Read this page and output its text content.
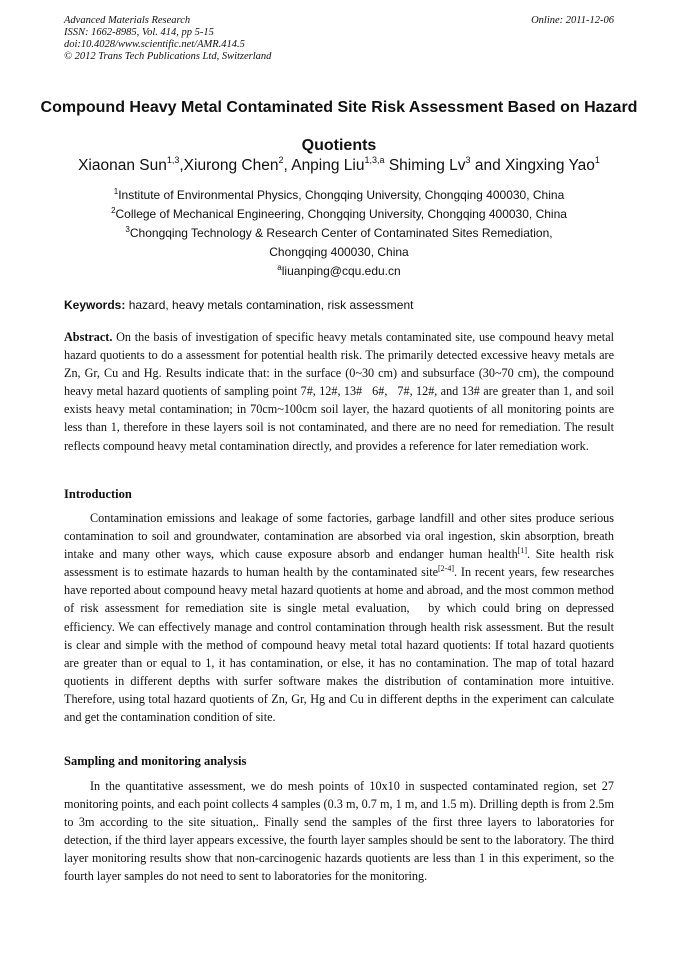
Advanced Materials Research
ISSN: 1662-8985, Vol. 414, pp 5-15
doi:10.4028/www.scientific.net/AMR.414.5
© 2012 Trans Tech Publications Ltd, Switzerland
Online: 2011-12-06
Compound Heavy Metal Contaminated Site Risk Assessment Based on Hazard Quotients
Xiaonan Sun$^{1,3}$,Xiurong Chen$^2$, Anping Liu$^{1,3,a}$ Shiming Lv$^3$ and Xingxing Yao$^1$
$^1$Institute of Environmental Physics, Chongqing University, Chongqing 400030, China
$^2$College of Mechanical Engineering, Chongqing University, Chongqing 400030, China
$^3$Chongqing Technology & Research Center of Contaminated Sites Remediation,
Chongqing 400030, China
$^a$liuanping@cqu.edu.cn
Keywords: hazard, heavy metals contamination, risk assessment
Abstract. On the basis of investigation of specific heavy metals contaminated site, use compound heavy metal hazard quotients to do a assessment for potential health risk. The primarily detected excessive heavy metals are Zn, Gr, Cu and Hg. Results indicate that: in the surface (0~30 cm) and subsurface (30~70 cm), the compound heavy metal hazard quotients of sampling point 7#, 12#, 13#   6#,   7#, 12#, and 13# are greater than 1, and soil exists heavy metal contamination; in 70cm~100cm soil layer, the hazard quotients of all monitoring points are less than 1, therefore in these layers soil is not contaminated, and there are no need for remediation. The result reflects compound heavy metal contamination directly, and provides a reference for later remediation work.
Introduction
Contamination emissions and leakage of some factories, garbage landfill and other sites produce serious contamination to soil and groundwater, contamination are absorbed via oral ingestion, skin absorption, breath intake and many other ways, which cause exposure absorb and endanger human health[1]. Site health risk assessment is to estimate hazards to human health by the contaminated site[2-4]. In recent years, few researches have reported about compound heavy metal hazard quotients at home and abroad, and the most common method of risk assessment for remediation site is single metal evaluation,   by which could bring on depressed efficiency. We can effectively manage and control contamination through health risk assessment. But the result is clear and simple with the method of compound heavy metal total hazard quotients: If total hazard quotients are greater than or equal to 1, it has contamination, or else, it has no contamination. The map of total hazard quotients in different depths with surfer software makes the distribution of contamination more intuitive. Therefore, using total hazard quotients of Zn, Gr, Hg and Cu in different depths in the experiment can calculate and get the contamination condition of site.
Sampling and monitoring analysis
In the quantitative assessment, we do mesh points of 10x10 in suspected contaminated region, set 27 monitoring points, and each point collects 4 samples (0.3 m, 0.7 m, 1 m, and 1.5 m). Drilling depth is from 2.5m to 3m according to the site situation,. Finally send the samples of the first three layers to laboratories for detection, if the third layer appears excessive, the fourth layer samples should be sent to the laboratory. The third layer monitoring results show that non-carcinogenic hazards quotients are less than 1 in this experiment, so the fourth layer samples do not need to sent to laboratories for the monitoring.
